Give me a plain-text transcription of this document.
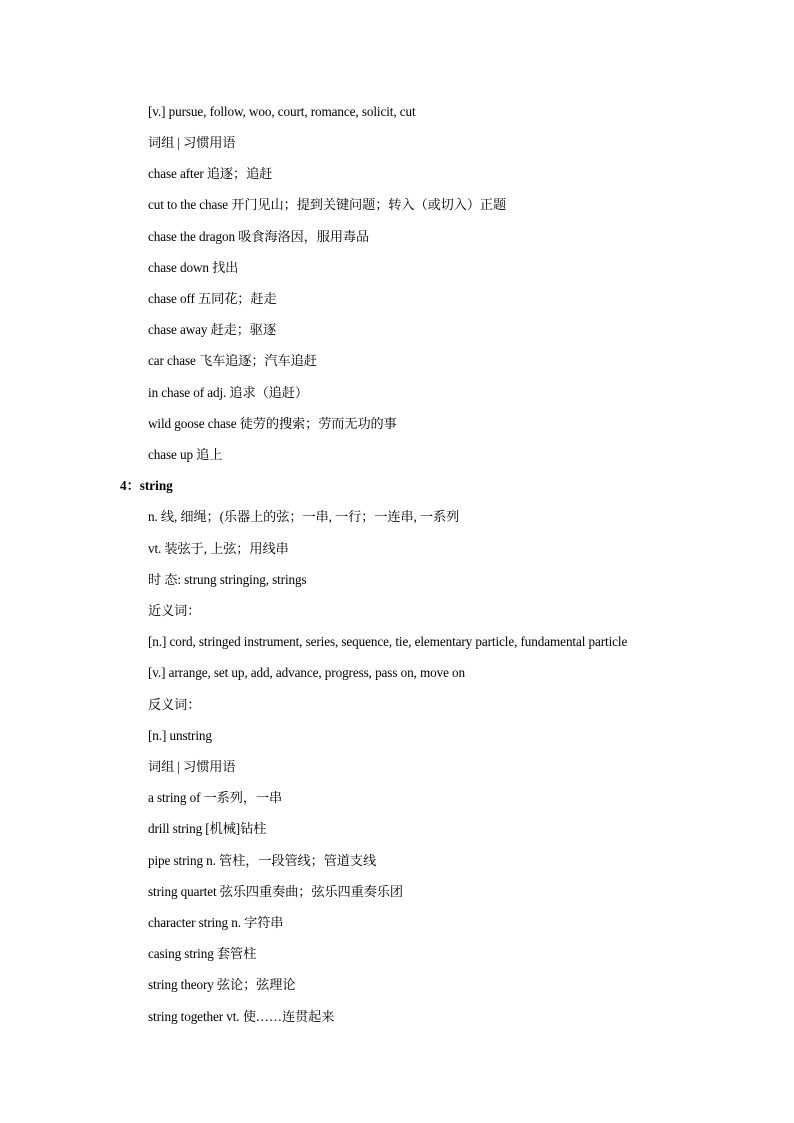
[v.] pursue, follow, woo, court, romance, solicit, cut
词组 | 习惯用语
chase after 追逐；追赶
cut to the chase 开门见山；提到关键问题；转入（或切入）正题
chase the dragon 吸食海洛因，服用毒品
chase down 找出
chase off 五同花；赶走
chase away 赶走；驱逐
car chase 飞车追逐；汽车追赶
in chase of adj. 追求（追赶）
wild goose chase 徒劳的搜索；劳而无功的事
chase up 追上
4：string
n. 线, 细绳；(乐器上的弦；一串, 一行；一连串, 一系列
vt. 装弦于, 上弦；用线串
时 态: strung stringing, strings
近义词：
[n.] cord, stringed instrument, series, sequence, tie, elementary particle, fundamental particle
[v.] arrange, set up, add, advance, progress, pass on, move on
反义词：
[n.] unstring
词组 | 习惯用语
a string of 一系列，一串
drill string [机械]钻柱
pipe string n. 管柱，一段管线；管道支线
string quartet 弦乐四重奏曲；弦乐四重奏乐团
character string n. 字符串
casing string 套管柱
string theory 弦论；弦理论
string together vt. 使……连贯起来
